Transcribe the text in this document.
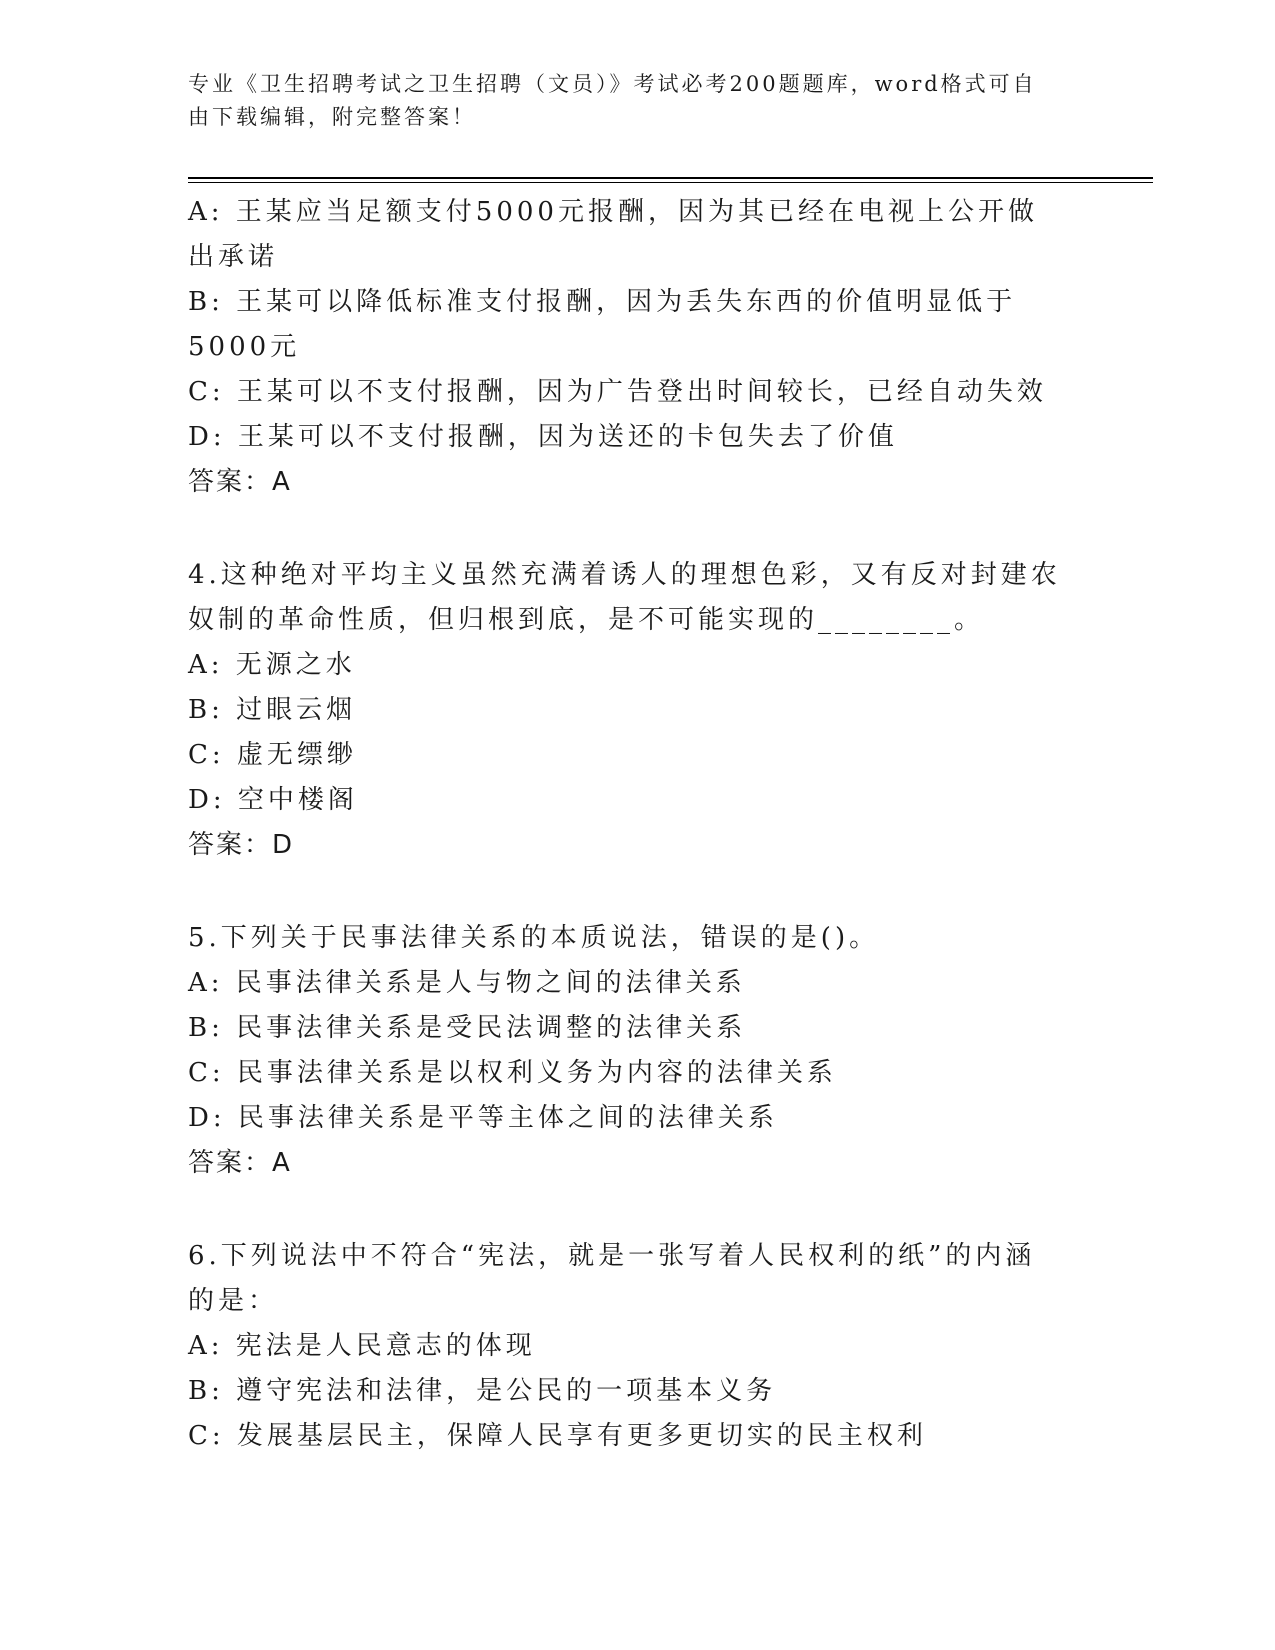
专业《卫生招聘考试之卫生招聘（文员）》考试必考200题题库，word格式可自由下载编辑，附完整答案！
A: 王某应当足额支付5000元报酬，因为其已经在电视上公开做出承诺
B: 王某可以降低标准支付报酬，因为丢失东西的价值明显低于5000元
C: 王某可以不支付报酬，因为广告登出时间较长，已经自动失效
D: 王某可以不支付报酬，因为送还的卡包失去了价值
答案：A
4.这种绝对平均主义虽然充满着诱人的理想色彩，又有反对封建农奴制的革命性质，但归根到底，是不可能实现的________。
A: 无源之水
B: 过眼云烟
C: 虚无缥缈
D: 空中楼阁
答案：D
5.下列关于民事法律关系的本质说法，错误的是()。
A: 民事法律关系是人与物之间的法律关系
B: 民事法律关系是受民法调整的法律关系
C: 民事法律关系是以权利义务为内容的法律关系
D: 民事法律关系是平等主体之间的法律关系
答案：A
6.下列说法中不符合“宪法，就是一张写着人民权利的纸”的内涵的是：
A: 宪法是人民意志的体现
B: 遵守宪法和法律，是公民的一项基本义务
C: 发展基层民主，保障人民享有更多更切实的民主权利
